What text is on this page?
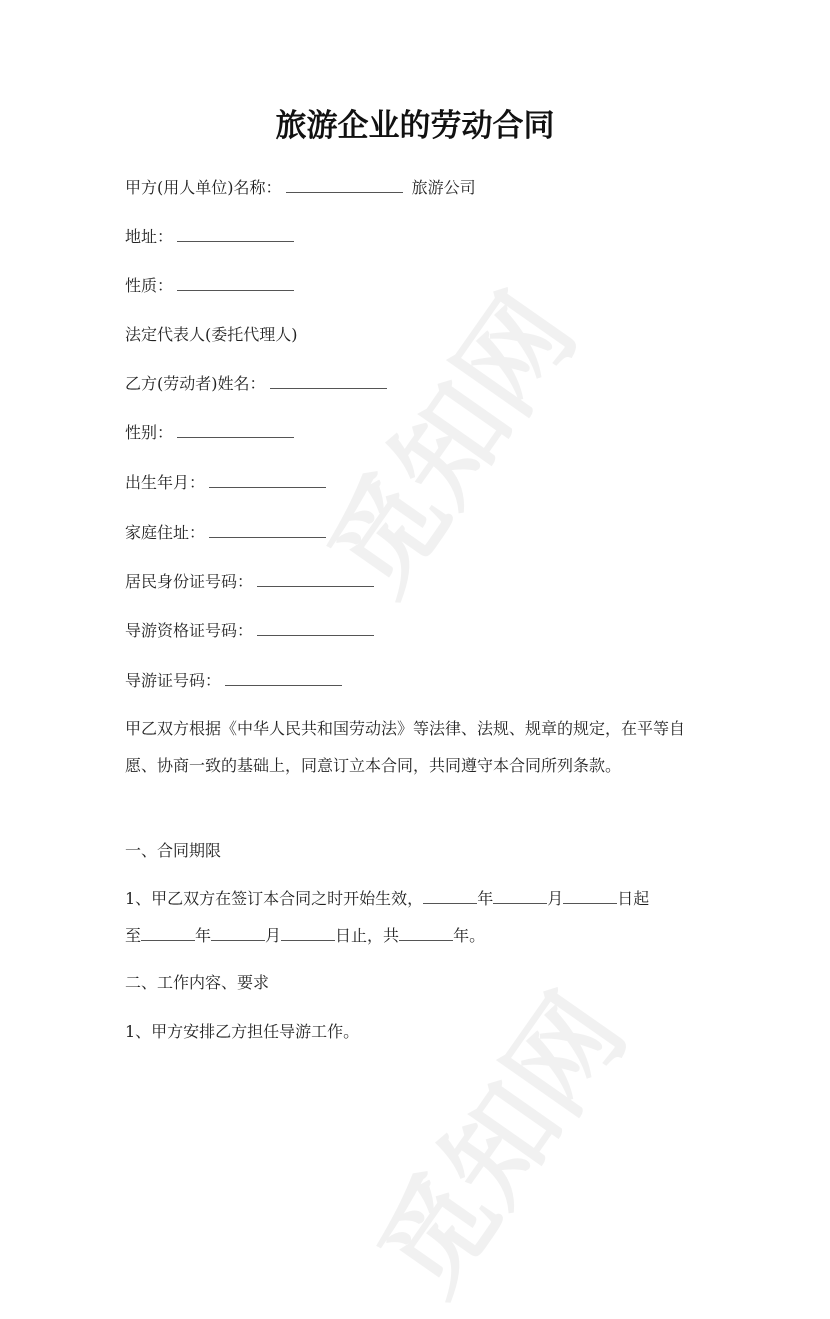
觅知网
觅知网
旅游企业的劳动合同
甲方(用人单位)名称：	旅游公司
地址：
性质：
法定代表人(委托代理人)
乙方(劳动者)姓名：
性别：
出生年月：
家庭住址：
居民身份证号码：
导游资格证号码：
导游证号码：
甲乙双方根据《中华人民共和国劳动法》等法律、法规、规章的规定，在平等自愿、协商一致的基础上，同意订立本合同，共同遵守本合同所列条款。
一、合同期限
1、甲乙双方在签订本合同之时开始生效，	年	月	日起
至	年	月	日止，共	年。
二、工作内容、要求
1、甲方安排乙方担任导游工作。
